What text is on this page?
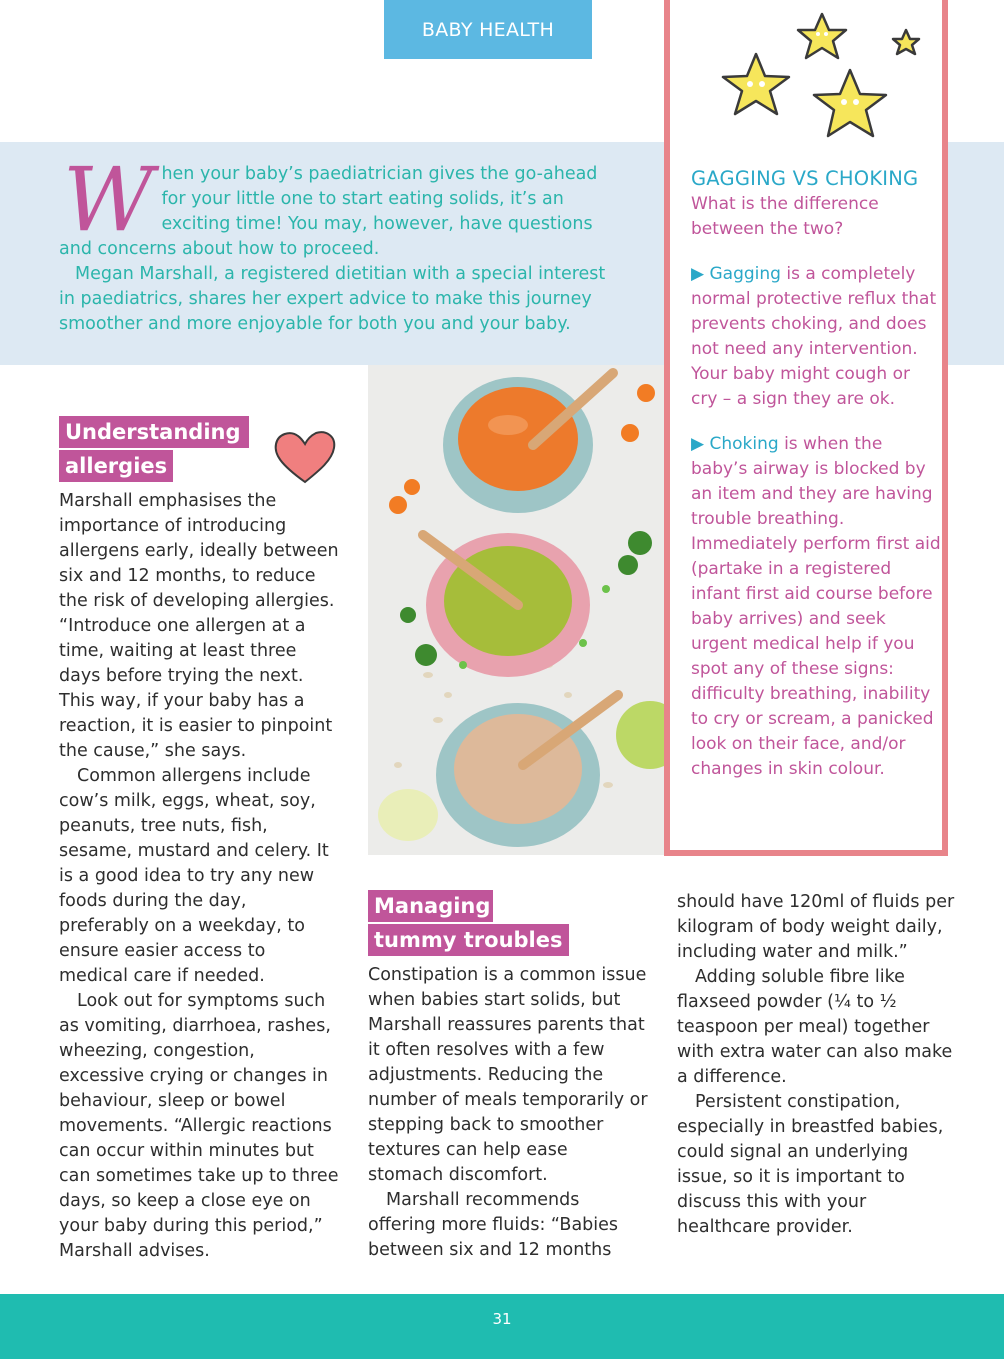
BABY HEALTH
W hen your baby’s paediatrician gives the go-ahead for your little one to start eating solids, it’s an exciting time! You may, however, have questions and concerns about how to proceed.

Megan Marshall, a registered dietitian with a special interest in paediatrics, shares her expert advice to make this journey smoother and more enjoyable for both you and your baby.

GAGGING VS CHOKING
What is the difference between the two?

▶ Gagging is a completely normal protective reflux that prevents choking, and does not need any intervention. Your baby might cough or cry – a sign they are ok.

▶ Choking is when the baby’s airway is blocked by an item and they are having trouble breathing. Immediately perform first aid (partake in a registered infant first aid course before baby arrives) and seek urgent medical help if you spot any of these signs: difficulty breathing, inability to cry or scream, a panicked look on their face, and/or changes in skin colour.

Understanding
allergies

Marshall emphasises the importance of introducing allergens early, ideally between six and 12 months, to reduce the risk of developing allergies. “Introduce one allergen at a time, waiting at least three days before trying the next. This way, if your baby has a reaction, it is easier to pinpoint the cause,” she says.

Common allergens include cow’s milk, eggs, wheat, soy, peanuts, tree nuts, fish, sesame, mustard and celery. It is a good idea to try any new foods during the day, preferably on a weekday, to ensure easier access to medical care if needed.

Look out for symptoms such as vomiting, diarrhoea, rashes, wheezing, congestion, excessive crying or changes in behaviour, sleep or bowel movements. “Allergic reactions can occur within minutes but can sometimes take up to three days, so keep a close eye on your baby during this period,” Marshall advises.

Managing
tummy troubles

Constipation is a common issue when babies start solids, but Marshall reassures parents that it often resolves with a few adjustments. Reducing the number of meals temporarily or stepping back to smoother textures can help ease stomach discomfort.

Marshall recommends offering more fluids: “Babies between six and 12 months

should have 120ml of fluids per kilogram of body weight daily, including water and milk.”

Adding soluble fibre like flaxseed powder (¼ to ½ teaspoon per meal) together with extra water can also make a difference.

Persistent constipation, especially in breastfed babies, could signal an underlying issue, so it is important to discuss this with your healthcare provider.

31
